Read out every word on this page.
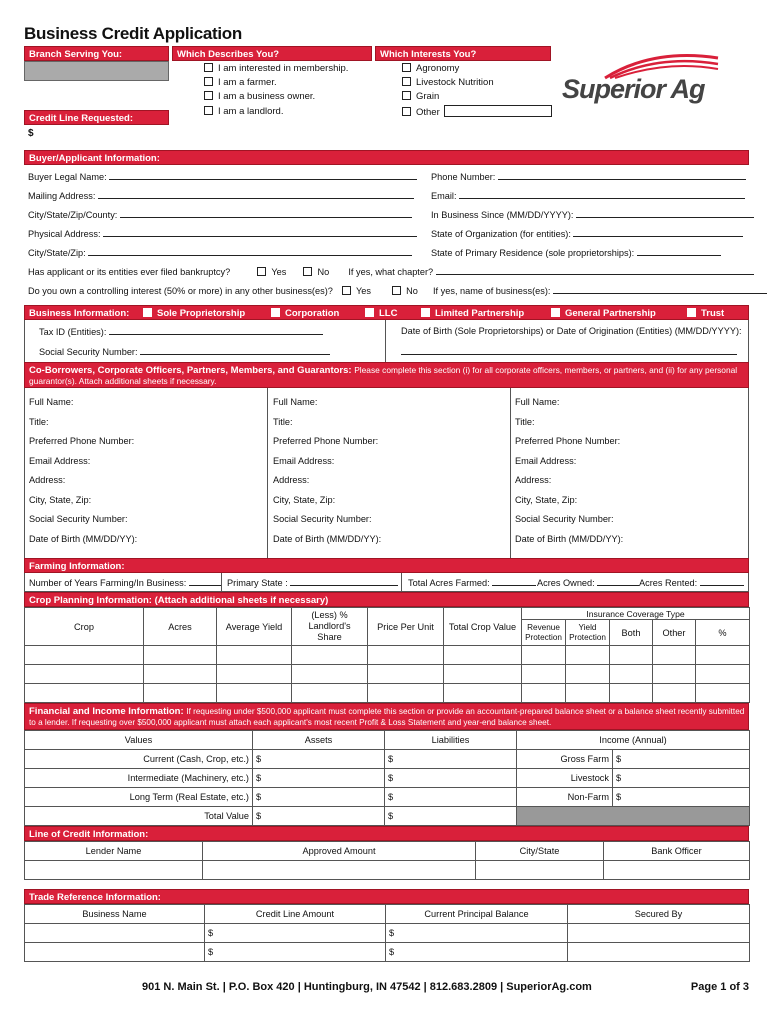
Business Credit Application
Branch Serving You:
Credit Line Requested:
$
Which Describes You?
I am interested in membership.
I am a farmer.
I am a business owner.
I am a landlord.
Which Interests You?
Agronomy
Livestock Nutrition
Grain
Other
Superior Ag
Buyer/Applicant Information:
Buyer Legal Name:
Mailing Address:
City/State/Zip/County:
Physical Address:
City/State/Zip:
Phone Number:
Email:
In Business Since (MM/DD/YYYY):
State of Organization (for entities):
State of Primary Residence (sole proprietorships):
Has applicant or its entities ever filed bankruptcy?	Yes	No If yes, what chapter?
Do you own a controlling interest (50% or more) in any other business(es)?	Yes	No If yes, name of business(es):
Business Information:	Sole Proprietorship	Corporation	LLC	Limited Partnership	General Partnership	Trust
Tax ID (Entities):
Social Security Number:
Date of Birth (Sole Proprietorships) or Date of Origination (Entities) (MM/DD/YYYY):
Co-Borrowers, Corporate Officers, Partners, Members, and Guarantors: Please complete this section (i) for all corporate officers, members, or partners, and (ii) for any personal guarantor(s). Attach additional sheets if necessary.
Full Name:
Title:
Preferred Phone Number:
Email Address:
Address:
City, State, Zip:
Social Security Number:
Date of Birth (MM/DD/YY):
Full Name:
Title:
Preferred Phone Number:
Email Address:
Address:
City, State, Zip:
Social Security Number:
Date of Birth (MM/DD/YY):
Full Name:
Title:
Preferred Phone Number:
Email Address:
Address:
City, State, Zip:
Social Security Number:
Date of Birth (MM/DD/YY):
Farming Information:
Number of Years Farming/In Business:	Primary State :	Total Acres Farmed:	Acres Owned:	Acres Rented:
Crop Planning Information: (Attach additional sheets if necessary)
Crop	Acres	Average Yield	(Less) % Landlord's Share	Price Per Unit	Total Crop Value	Insurance Coverage Type				
						Revenue Protection	Yield Protection	Both	Other	%

Financial and Income Information: If requesting under $500,000 applicant must complete this section or provide an accountant-prepared balance sheet or a balance sheet recently submitted to a lender. If requesting over $500,000 applicant must attach each applicant's most recent Profit & Loss Statement and year-end balance sheet.
Values	Assets	Liabilities	Income (Annual)	
Current (Cash, Crop, etc.)	$	$	Gross Farm	$
Intermediate (Machinery, etc.)	$	$	Livestock	$
Long Term (Real Estate, etc.)	$	$	Non-Farm	$
Total Value	$	$		
Line of Credit Information:
Lender Name	Approved Amount	City/State	Bank Officer

Trade Reference Information:
Business Name	Credit Line Amount	Current Principal Balance	Secured By
	$	$	
	$	$	
901 N. Main St. | P.O. Box 420 | Huntingburg, IN 47542 | 812.683.2809 | SuperiorAg.com	Page 1 of 3
